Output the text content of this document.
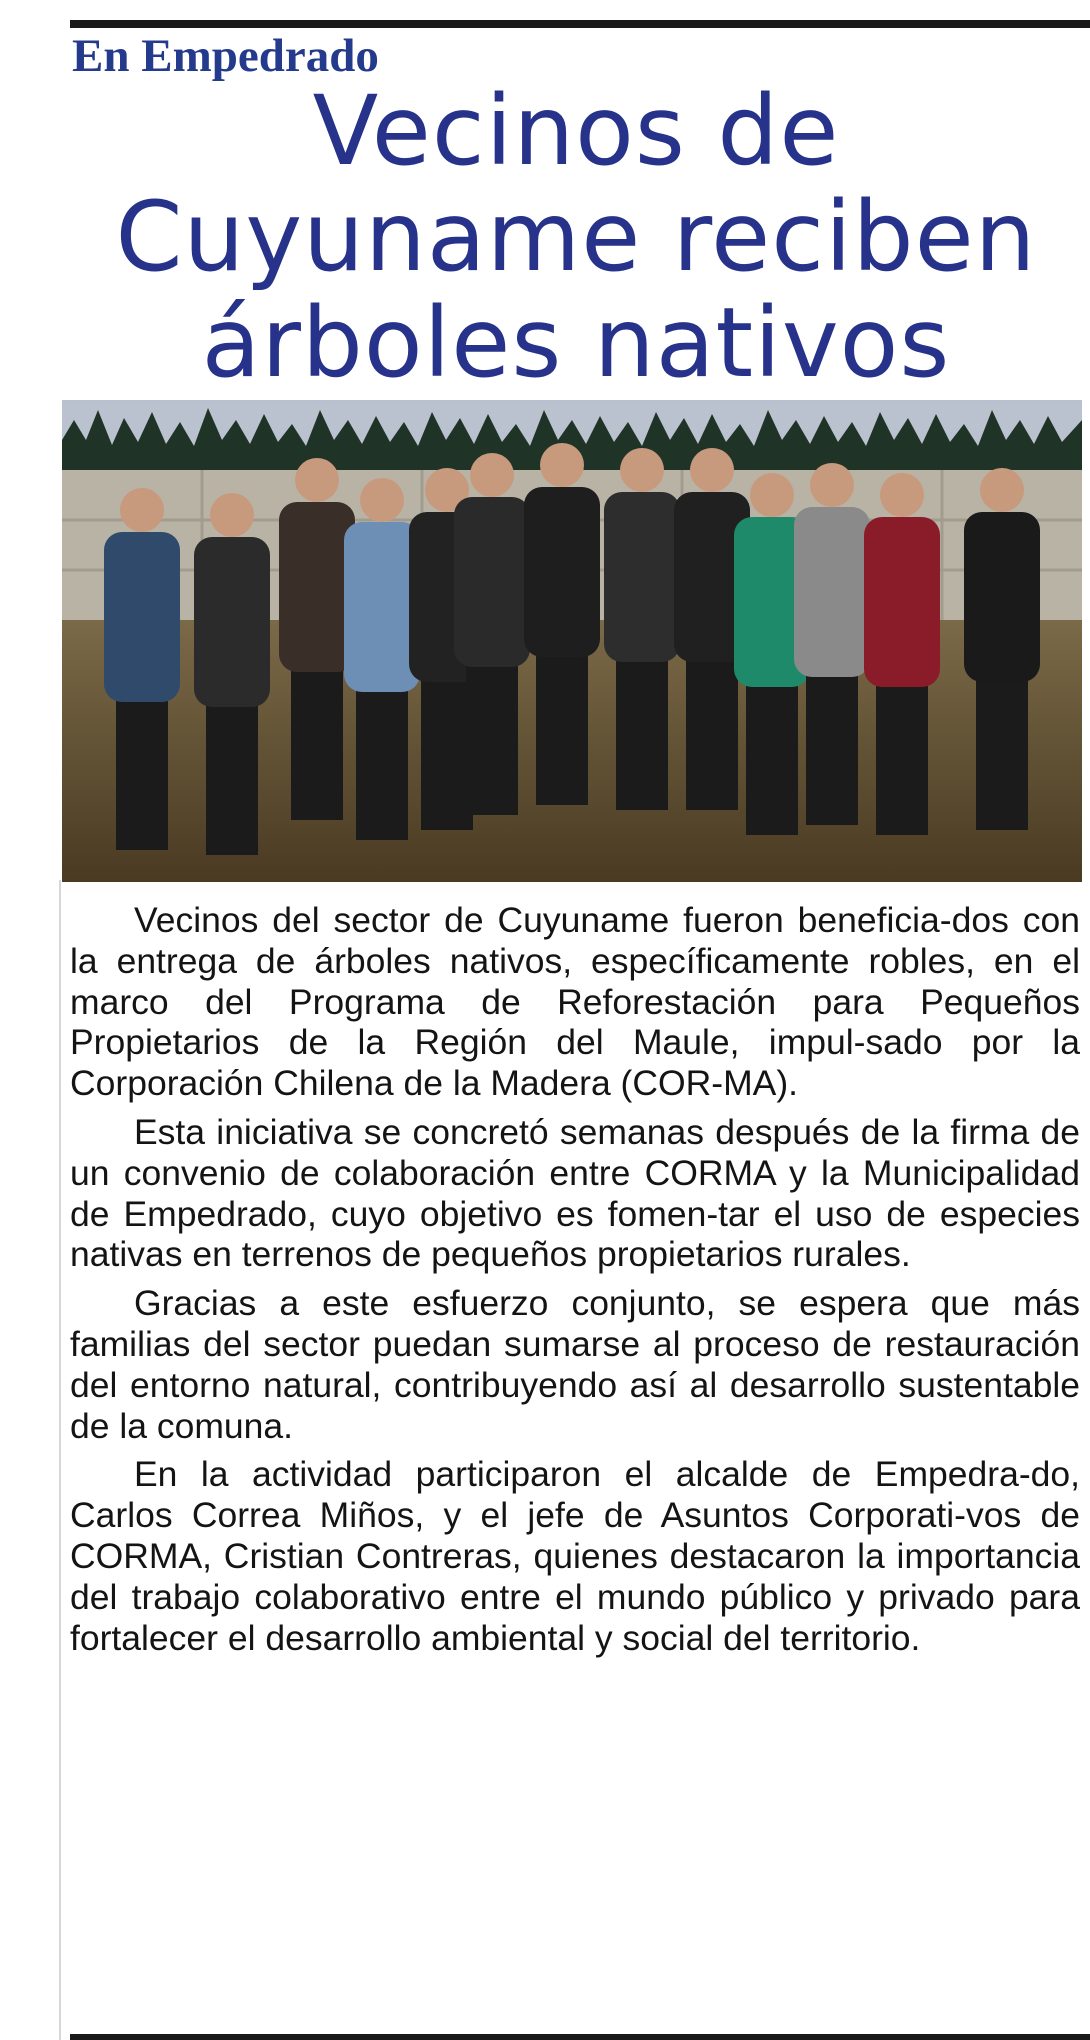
En Empedrado
Vecinos de
Cuyuname reciben
árboles nativos

Vecinos del sector de Cuyuname fueron beneficia-dos con la entrega de árboles nativos, específicamente robles, en el marco del Programa de Reforestación para Pequeños Propietarios de la Región del Maule, impul-sado por la Corporación Chilena de la Madera (COR-MA).

Esta iniciativa se concretó semanas después de la firma de un convenio de colaboración entre CORMA y la Municipalidad de Empedrado, cuyo objetivo es fomen-tar el uso de especies nativas en terrenos de pequeños propietarios rurales.

Gracias a este esfuerzo conjunto, se espera que más familias del sector puedan sumarse al proceso de restauración del entorno natural, contribuyendo así al desarrollo sustentable de la comuna.

En la actividad participaron el alcalde de Empedra-do, Carlos Correa Miños, y el jefe de Asuntos Corporati-vos de CORMA, Cristian Contreras, quienes destacaron la importancia del trabajo colaborativo entre el mundo público y privado para fortalecer el desarrollo ambiental y social del territorio.
